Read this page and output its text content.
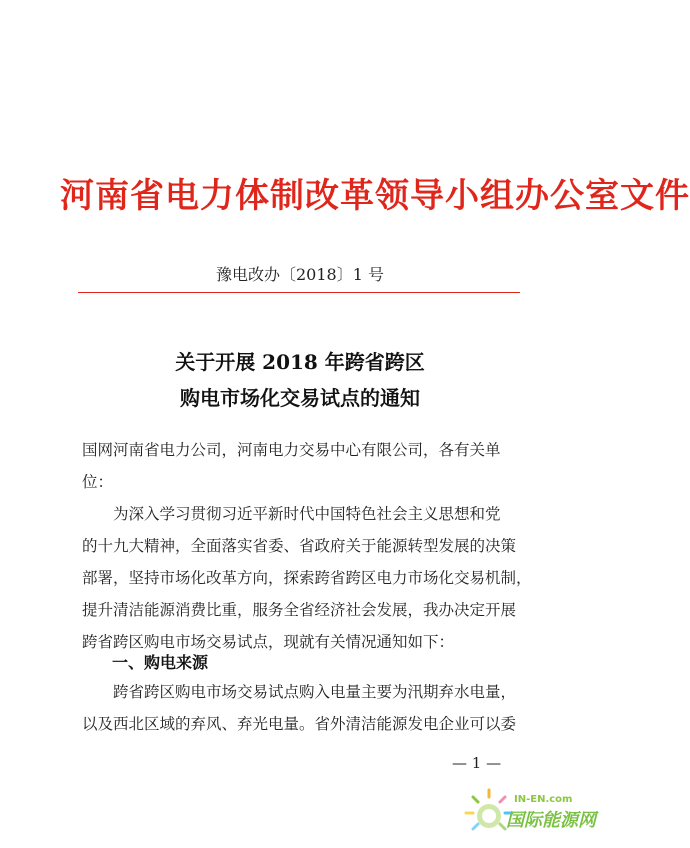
河南省电力体制改革领导小组办公室文件
豫电改办〔2018〕1 号
关于开展 2018 年跨省跨区
购电市场化交易试点的通知
国网河南省电力公司，河南电力交易中心有限公司，各有关单
位：
　　为深入学习贯彻习近平新时代中国特色社会主义思想和党
的十九大精神，全面落实省委、省政府关于能源转型发展的决策
部署，坚持市场化改革方向，探索跨省跨区电力市场化交易机制，
提升清洁能源消费比重，服务全省经济社会发展，我办决定开展
跨省跨区购电市场交易试点，现就有关情况通知如下：
一、购电来源
　　跨省跨区购电市场交易试点购入电量主要为汛期弃水电量，
以及西北区域的弃风、弃光电量。省外清洁能源发电企业可以委
— 1 —
IN-EN.com
国际能源网
